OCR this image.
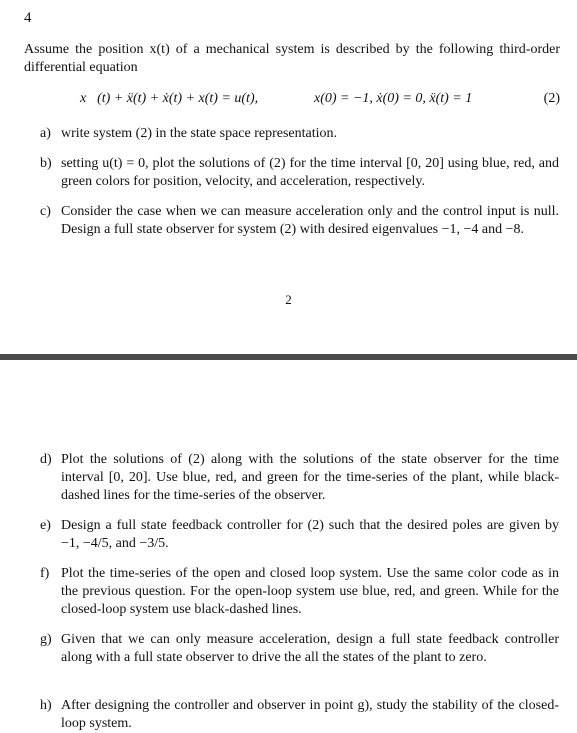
4
Assume the position x(t) of a mechanical system is described by the following third-order differential equation
x⃛(t) + ẍ(t) + ẋ(t) + x(t) = u(t),	x(0) = −1, ẋ(0) = 0, ẍ(t) = 1	(2)
a) write system (2) in the state space representation.
b) setting u(t) = 0, plot the solutions of (2) for the time interval [0, 20] using blue, red, and green colors for position, velocity, and acceleration, respectively.
c) Consider the case when we can measure acceleration only and the control input is null. Design a full state observer for system (2) with desired eigenvalues −1, −4 and −8.
2
d) Plot the solutions of (2) along with the solutions of the state observer for the time interval [0, 20]. Use blue, red, and green for the time-series of the plant, while black-dashed lines for the time-series of the observer.
e) Design a full state feedback controller for (2) such that the desired poles are given by −1, −4/5, and −3/5.
f) Plot the time-series of the open and closed loop system. Use the same color code as in the previous question. For the open-loop system use blue, red, and green. While for the closed-loop system use black-dashed lines.
g) Given that we can only measure acceleration, design a full state feedback controller along with a full state observer to drive the all the states of the plant to zero.
h) After designing the controller and observer in point g), study the stability of the closed-loop system.
